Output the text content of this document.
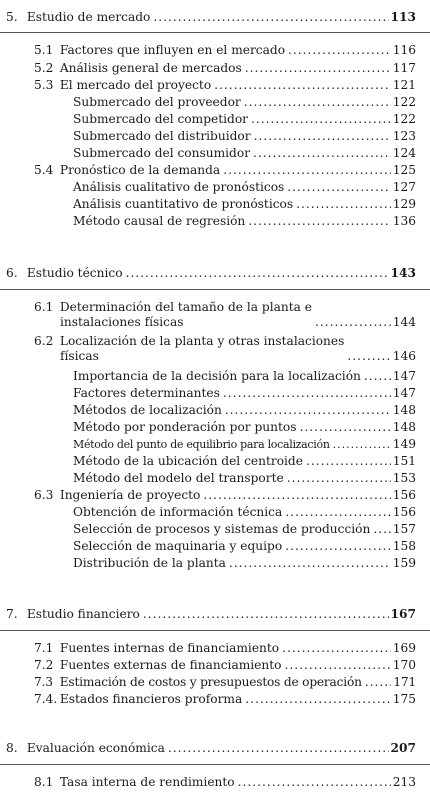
5. Estudio de mercado .....	113
5.1 Factores que influyen en el mercado .....	116
5.2 Análisis general de mercados .....	117
5.3 El mercado del proyecto .....	121
Submercado del proveedor .....	122
Submercado del competidor .....	122
Submercado del distribuidor .....	123
Submercado del consumidor .....	124
5.4 Pronóstico de la demanda .....	125
Análisis cualitativo de pronósticos .....	127
Análisis cuantitativo de pronósticos .....	129
Método causal de regresión .....	136
6. Estudio técnico .....	143
6.1 Determinación del tamaño de la planta e
instalaciones físicas .....	144
6.2 Localización de la planta y otras instalaciones
físicas .....	146
Importancia de la decisión para la localización .....	147
Factores determinantes .....	147
Métodos de localización .....	148
Método por ponderación por puntos .....	148
Método del punto de equilibrio para localización .....	149
Método de la ubicación del centroide .....	151
Método del modelo del transporte .....	153
6.3 Ingeniería de proyecto .....	156
Obtención de información técnica .....	156
Selección de procesos y sistemas de producción ..... 157
Selección de maquinaria y equipo .....	158
Distribución de la planta .....	159
7. Estudio financiero .....	167
7.1 Fuentes internas de financiamiento .....	169
7.2 Fuentes externas de financiamiento .....	170
7.3 Estimación de costos y presupuestos de operación .....	171
7.4. Estados financieros proforma .....	175
8. Evaluación económica .....	207
8.1 Tasa interna de rendimiento .....	213
